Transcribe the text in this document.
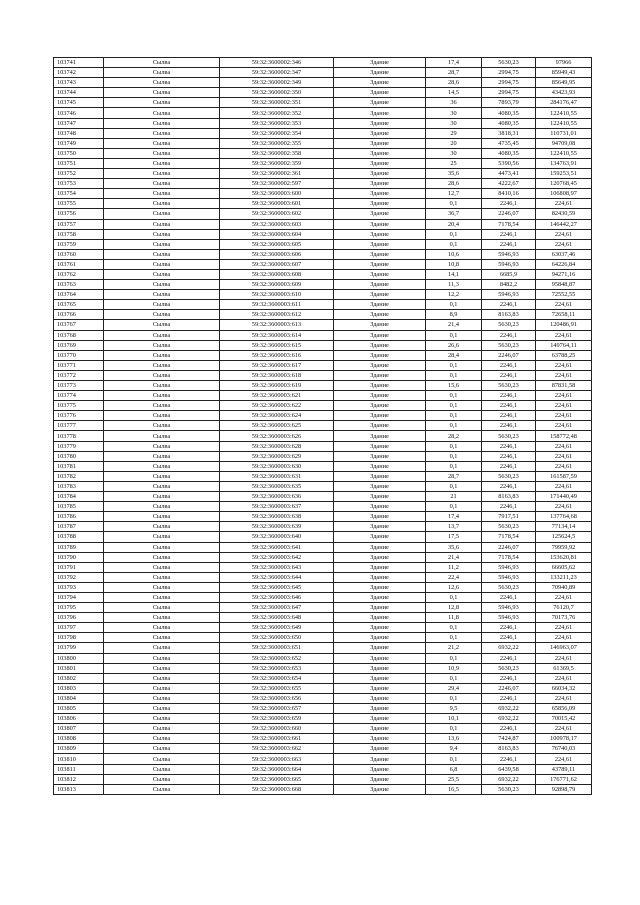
103741	Сылва	59:32:3600002:346	Здание	17,4	5630,23	97966
103742	Сылва	59:32:3600002:347	Здание	28,7	2994,75	85949,43
103743	Сылва	59:32:3600002:349	Здание	28,6	2994,75	85649,95
103744	Сылва	59:32:3600002:350	Здание	14,5	2994,75	43423,93
103745	Сылва	59:32:3600002:351	Здание	36	7893,79	284176,47
103746	Сылва	59:32:3600002:352	Здание	30	4080,35	122410,55
103747	Сылва	59:32:3600002:353	Здание	30	4080,35	122410,55
103748	Сылва	59:32:3600002:354	Здание	29	3818,31	110731,01
103749	Сылва	59:32:3600002:355	Здание	20	4735,45	94709,08
103750	Сылва	59:32:3600002:358	Здание	30	4080,35	122410,55
103751	Сылва	59:32:3600002:359	Здание	25	5390,56	134763,91
103752	Сылва	59:32:3600002:361	Здание	35,6	4473,41	159253,51
103753	Сылва	59:32:3600002:597	Здание	28,6	4222,67	120768,45
103754	Сылва	59:32:3600003:600	Здание	12,7	8410,16	106808,97
103755	Сылва	59:32:3600003:601	Здание	0,1	2246,1	224,61
103756	Сылва	59:32:3600003:602	Здание	36,7	2246,07	82430,59
103757	Сылва	59:32:3600003:603	Здание	20,4	7178,54	146442,27
103758	Сылва	59:32:3600003:604	Здание	0,1	2246,1	224,61
103759	Сылва	59:32:3600003:605	Здание	0,1	2246,1	224,61
103760	Сылва	59:32:3600003:606	Здание	10,6	5946,93	63037,46
103761	Сылва	59:32:3600003:607	Здание	10,8	5946,93	64226,84
103762	Сылва	59:32:3600003:608	Здание	14,1	6685,9	94271,16
103763	Сылва	59:32:3600003:609	Здание	11,3	8482,2	95848,87
103764	Сылва	59:32:3600003:610	Здание	12,2	5946,93	72552,55
103765	Сылва	59:32:3600003:611	Здание	0,1	2246,1	224,61
103766	Сылва	59:32:3600003:612	Здание	8,9	8163,83	72658,11
103767	Сылва	59:32:3600003:613	Здание	21,4	5630,23	120486,91
103768	Сылва	59:32:3600003:614	Здание	0,1	2246,1	224,61
103769	Сылва	59:32:3600003:615	Здание	26,6	5630,23	149764,11
103770	Сылва	59:32:3600003:616	Здание	28,4	2246,07	63788,25
103771	Сылва	59:32:3600003:617	Здание	0,1	2246,1	224,61
103772	Сылва	59:32:3600003:618	Здание	0,1	2246,1	224,61
103773	Сылва	59:32:3600003:619	Здание	15,6	5630,23	87831,58
103774	Сылва	59:32:3600003:621	Здание	0,1	2246,1	224,61
103775	Сылва	59:32:3600003:622	Здание	0,1	2246,1	224,61
103776	Сылва	59:32:3600003:624	Здание	0,1	2246,1	224,61
103777	Сылва	59:32:3600003:625	Здание	0,1	2246,1	224,61
103778	Сылва	59:32:3600003:626	Здание	28,2	5630,23	158772,48
103779	Сылва	59:32:3600003:628	Здание	0,1	2246,1	224,61
103780	Сылва	59:32:3600003:629	Здание	0,1	2246,1	224,61
103781	Сылва	59:32:3600003:630	Здание	0,1	2246,1	224,61
103782	Сылва	59:32:3600003:631	Здание	28,7	5630,23	161587,59
103783	Сылва	59:32:3600003:635	Здание	0,1	2246,1	224,61
103784	Сылва	59:32:3600003:636	Здание	21	8163,83	171440,49
103785	Сылва	59:32:3600003:637	Здание	0,1	2246,1	224,61
103786	Сылва	59:32:3600003:638	Здание	17,4	7917,51	137764,68
103787	Сылва	59:32:3600003:639	Здание	13,7	5630,23	77134,14
103788	Сылва	59:32:3600003:640	Здание	17,5	7178,54	125624,5
103789	Сылва	59:32:3600003:641	Здание	35,6	2246,07	79959,92
103790	Сылва	59:32:3600003:642	Здание	21,4	7178,54	153620,81
103791	Сылва	59:32:3600003:643	Здание	11,2	5946,93	66605,62
103792	Сылва	59:32:3600003:644	Здание	22,4	5946,93	133211,23
103793	Сылва	59:32:3600003:645	Здание	12,6	5630,23	70940,89
103794	Сылва	59:32:3600003:646	Здание	0,1	2246,1	224,61
103795	Сылва	59:32:3600003:647	Здание	12,8	5946,93	76120,7
103796	Сылва	59:32:3600003:648	Здание	11,8	5946,93	70173,76
103797	Сылва	59:32:3600003:649	Здание	0,1	2246,1	224,61
103798	Сылва	59:32:3600003:650	Здание	0,1	2246,1	224,61
103799	Сылва	59:32:3600003:651	Здание	21,2	6932,22	146963,07
103800	Сылва	59:32:3600003:652	Здание	0,1	2246,1	224,61
103801	Сылва	59:32:3600003:653	Здание	10,9	5630,23	61369,5
103802	Сылва	59:32:3600003:654	Здание	0,1	2246,1	224,61
103803	Сылва	59:32:3600003:655	Здание	29,4	2246,07	66034,32
103804	Сылва	59:32:3600003:656	Здание	0,1	2246,1	224,61
103805	Сылва	59:32:3600003:657	Здание	9,5	6932,22	65856,09
103806	Сылва	59:32:3600003:659	Здание	10,1	6932,22	70015,42
103807	Сылва	59:32:3600003:660	Здание	0,1	2246,1	224,61
103808	Сылва	59:32:3600003:661	Здание	13,6	7424,87	100978,17
103809	Сылва	59:32:3600003:662	Здание	9,4	8163,83	76740,03
103810	Сылва	59:32:3600003:663	Здание	0,1	2246,1	224,61
103811	Сылва	59:32:3600003:664	Здание	6,8	6439,58	43789,11
103812	Сылва	59:32:3600003:665	Здание	25,5	6932,22	176771,62
103813	Сылва	59:32:3600003:668	Здание	16,5	5630,23	92898,79
